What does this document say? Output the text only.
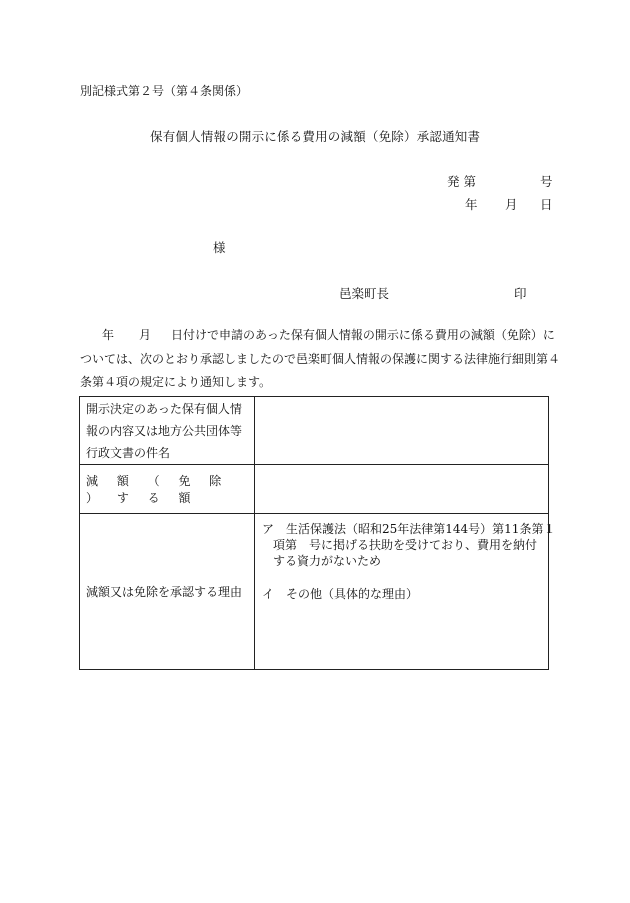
別記様式第２号（第４条関係）
保有個人情報の開示に係る費用の減額（免除）承認通知書
発 第	号
年 月 日
様
邑楽町長	印
年 月 日付けで申請のあった保有個人情報の開示に係る費用の減額（免除）に
ついては、次のとおり承認しましたので邑楽町個人情報の保護に関する法律施行細則第４
条第４項の規定により通知します。
開示決定のあった保有個人情
報の内容又は地方公共団体等
行政文書の件名	

減 額 （ 免 除 ） す る 額	
減額又は免除を承認する理由	ア　生活保護法（昭和25年法律第144号）第11条第１
項第　号に掲げる扶助を受けており、費用を納付
する資力がないため
イ　その他（具体的な理由）
